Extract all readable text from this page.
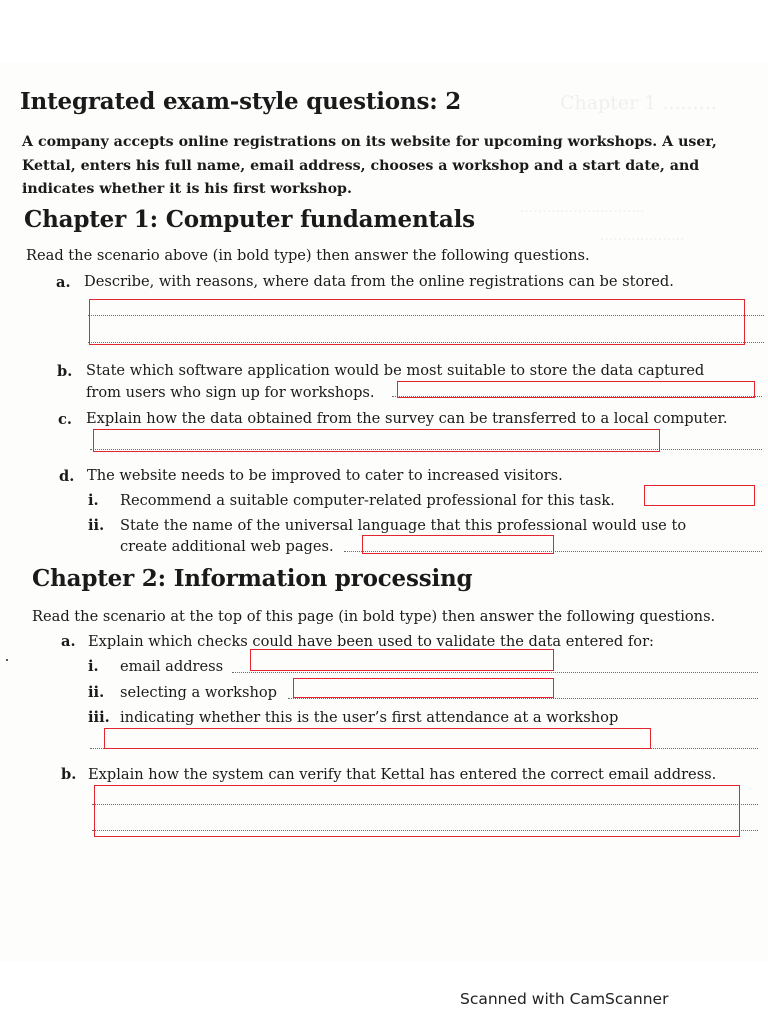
Chapter 1 .........
............................
...................
Integrated exam-style questions: 2
A company accepts online registrations on its website for upcoming workshops. A user,
Kettal, enters his full name, email address, chooses a workshop and a start date, and
indicates whether it is his first workshop.
Chapter 1: Computer fundamentals
Read the scenario above (in bold type) then answer the following questions.
a. Describe, with reasons, where data from the online registrations can be stored.
b. State which software application would be most suitable to store the data captured
from users who sign up for workshops.
c. Explain how the data obtained from the survey can be transferred to a local computer.
d. The website needs to be improved to cater to increased visitors.
i. Recommend a suitable computer-related professional for this task.
ii. State the name of the universal language that this professional would use to
create additional web pages.
Chapter 2: Information processing
Read the scenario at the top of this page (in bold type) then answer the following questions.
a. Explain which checks could have been used to validate the data entered for:
i. email address
ii. selecting a workshop
iii. indicating whether this is the user’s first attendance at a workshop
b. Explain how the system can verify that Kettal has entered the correct email address.
Scanned with CamScanner
